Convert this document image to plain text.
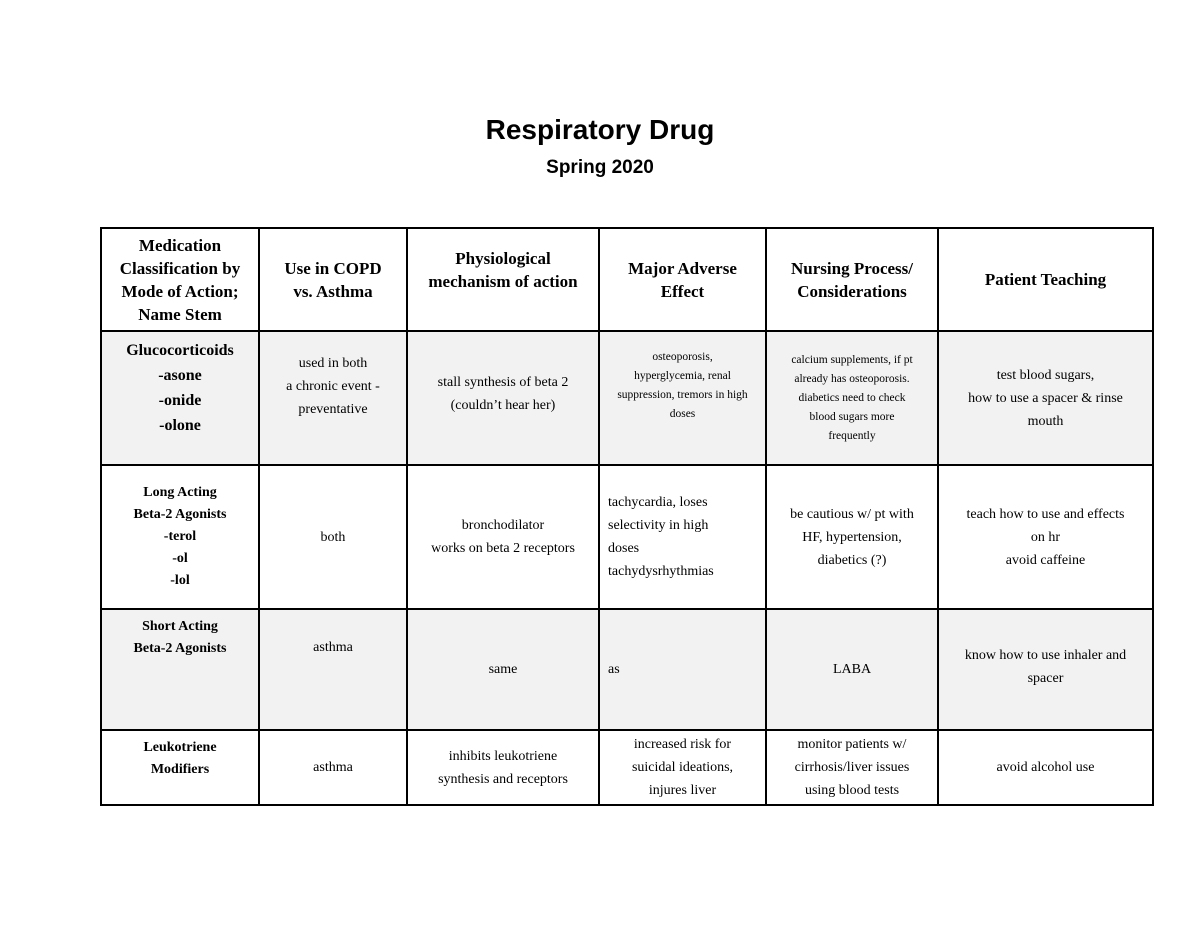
Respiratory Drug
Spring 2020
Medication
Classification by
Mode of Action;
Name Stem	Use in COPD
vs. Asthma	Physiological
mechanism of action	Major Adverse
Effect	Nursing Process/
Considerations	Patient Teaching

Glucocorticoids
-asone
-onide
-olone	used in both
a chronic event -
preventative	stall synthesis of beta 2
(couldn’t hear her)	osteoporosis,
hyperglycemia, renal
suppression, tremors in high
doses	calcium supplements, if pt
already has osteoporosis.
diabetics need to check
blood sugars more
frequently	test blood sugars,
how to use a spacer & rinse
mouth

Long Acting
Beta-2 Agonists
-terol
-ol
-lol	both	bronchodilator
works on beta 2 receptors	tachycardia, loses
selectivity in high
doses
tachydysrhythmias	be cautious w/ pt with
HF, hypertension,
diabetics (?)	teach how to use and effects
on hr
avoid caffeine

Short Acting
Beta-2 Agonists	asthma	same	as	LABA	know how to use inhaler and
spacer

Leukotriene
Modifiers	asthma	inhibits leukotriene
synthesis and receptors	increased risk for
suicidal ideations,
injures liver	monitor patients w/
cirrhosis/liver issues
using blood tests	avoid alcohol use
